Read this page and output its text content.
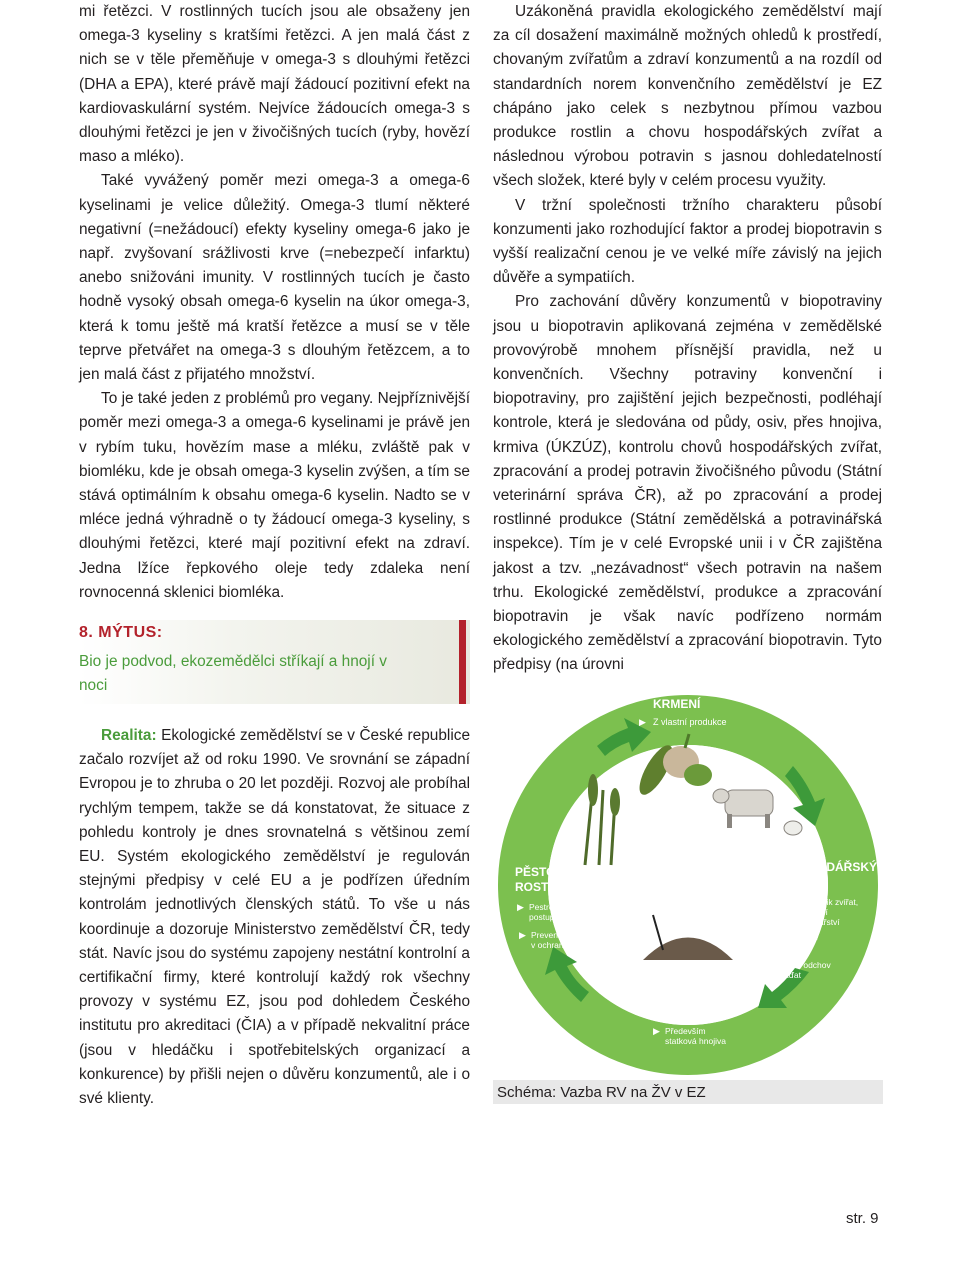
mi řetězci. V rostlinných tucích jsou ale obsaženy jen omega-3 kyseliny s kratšími řetězci. A jen malá část z nich se v těle přeměňuje v omega-3 s dlouhými řetězci (DHA a EPA), které právě mají žádoucí pozitivní efekt na kardiovaskulární systém. Nejvíce žádoucích omega-3 s dlouhými řetězci je jen v živočišných tucích (ryby, hovězí maso a mléko).

Také vyvážený poměr mezi omega-3 a omega-6 kyselinami je velice důležitý. Omega-3 tlumí některé negativní (=nežádoucí) efekty kyseliny omega-6 jako je např. zvyšovaní srážlivosti krve (=nebezpečí infarktu) anebo snižováni imunity. V rostlinných tucích je často hodně vysoký obsah omega-6 kyselin na úkor omega-3, která k tomu ještě má kratší řetězce a musí se v těle teprve přetvářet na omega-3 s dlouhým řetězcem, a to jen malá část z přijatého množství.

To je také jeden z problémů pro vegany. Nejpříznivější poměr mezi omega-3 a omega-6 kyselinami je právě jen v rybím tuku, hovězím mase a mléku, zvláště pak v biomléku, kde je obsah omega-3 kyselin zvýšen, a tím se stává optimálním k obsahu omega-6 kyselin. Nadto se v mléce jedná výhradně o ty žádoucí omega-3 kyseliny, s dlouhými řetězci, které mají pozitivní efekt na zdraví. Jedna lžíce řepkového oleje tedy zdaleka není rovnocenná sklenici biomléka.

8. MÝTUS:
Bio je podvod, ekozemědělci stříkají a hnojí v noci

Realita: Ekologické zemědělství se v České republice začalo rozvíjet až od roku 1990. Ve srovnání se západní Evropou je to zhruba o 20 let později. Rozvoj ale probíhal rychlým tempem, takže se dá konstatovat, že situace z pohledu kontroly je dnes srovnatelná s většinou zemí EU. Systém ekologického zemědělství je regulován stejnými předpisy v celé EU a je podřízen úředním kontrolám jednotlivých členských států. To vše u nás koordinuje a dozoruje Ministerstvo zemědělství ČR, tedy stát. Navíc jsou do systému zapojeny nestátní kontrolní a certifikační firmy, které kontrolují každý rok všechny provozy v systému EZ, jsou pod dohledem Českého institutu pro akreditaci (ČIA) a v případě nekvalitní práce (jsou v hledáčku i spotřebitelských organizací a konkurence) by přišli nejen o důvěru konzumentů, ale i o své klienty.

Uzákoněná pravidla ekologického zemědělství mají za cíl dosažení maximálně možných ohledů k prostředí, chovaným zvířatům a zdraví konzumentů a na rozdíl od standardních norem konvenčního zemědělství je EZ chápáno jako celek s nezbytnou přímou vazbou produkce rostlin a chovu hospodářských zvířat a následnou výrobou potravin s jasnou dohledatelností všech složek, které byly v celém procesu využity.

V tržní společnosti tržního charakteru působí konzumenti jako rozhodující faktor a prodej biopotravin s vyšší realizační cenou je ve velké míře závislý na jejich důvěře a sympatiích.

Pro zachování důvěry konzumentů v biopotraviny jsou u biopotravin aplikovaná zejména v zemědělské provovýrobě mnohem přísnější pravidla, než u konvenčních. Všechny potraviny konvenční i biopotraviny, pro zajištění jejich bezpečnosti, podléhají kontrole, která je sledována od půdy, osiv, přes hnojiva, krmiva (ÚKZÚZ), kontrolu chovů hospodářských zvířat, zpracování a prodej potravin živočišného původu (Státní veterinární správa ČR), až po zpracování a prodej rostlinné produkce (Státní zemědělská a potravinářská inspekce). Tím je v celé Evropské unii i v ČR zajištěna jakost a tzv. „nezávadnost“ všech potravin na našem trhu. Ekologické zemědělství, produkce a zpracování biopotravin je však navíc podřízeno normám ekologického zemědělství a zpracování biopotravin. Tyto předpisy (na úrovni

KRMENÍ
▶ Z vlastní produkce
CHOV
HOSPODÁŘSKÝCH
ZVÍŘAT
▶ Pouze tolik zvířat,
kolik uživí
hospodářství
▶ Welfare
▶
Vlastní odchov
mláďat
HNOJENÍ
▶ Živiny z vlastních
zdrojů
▶ Především
statková hnojiva
PĚSTOVÁNÍ
ROSTLIN
▶ Pestré osevní
postupy
▶ Prevence
v ochraně rostlin
Schéma: Vazba RV na ŽV v EZ
str. 9
